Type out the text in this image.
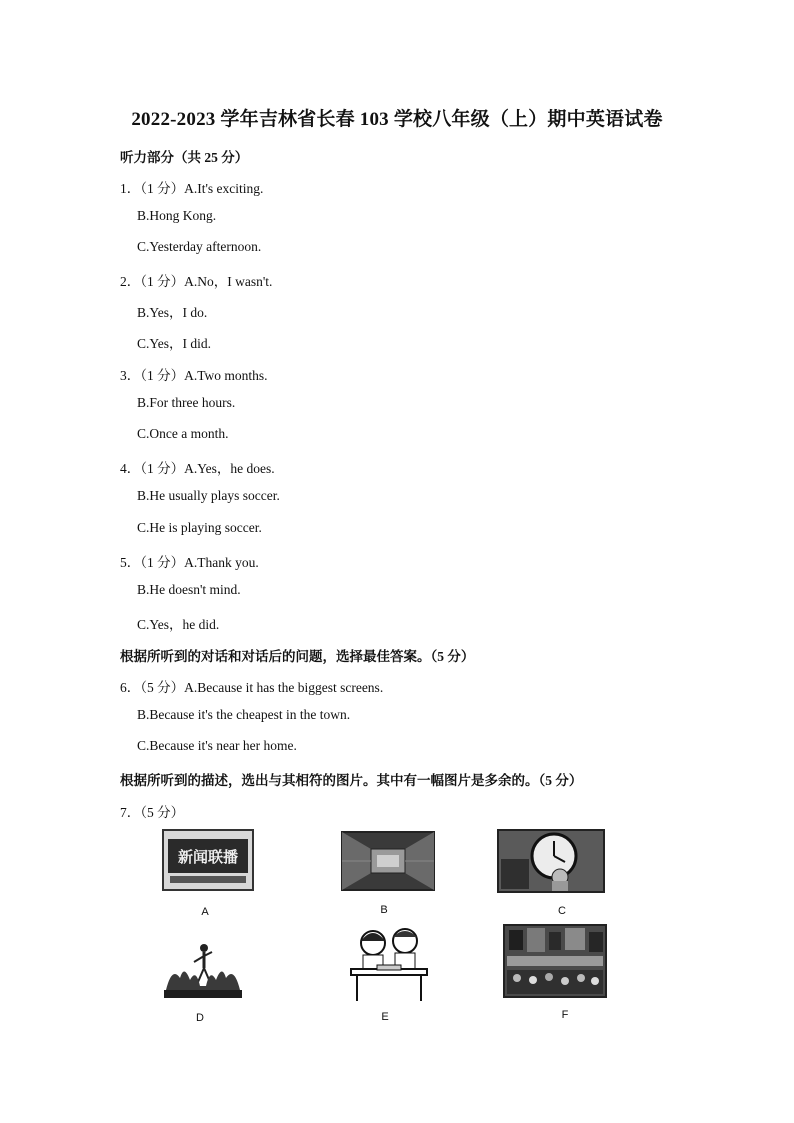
2022-2023 学年吉林省长春 103 学校八年级（上）期中英语试卷
听力部分（共 25 分）
1．（1 分）A.It's exciting.
B.Hong Kong.
C.Yesterday afternoon.
2．（1 分）A.No，I wasn't.
B.Yes，I do.
C.Yes，I did.
3．（1 分）A.Two months.
B.For three hours.
C.Once a month.
4．（1 分）A.Yes，he does.
B.He usually plays soccer.
C.He is playing soccer.
5．（1 分）A.Thank you.
B.He doesn't mind.
C.Yes，he did.
根据所听到的对话和对话后的问题，选择最佳答案。（5 分）
6．（5 分）A.Because it has the biggest screens.
B.Because it's the cheapest in the town.
C.Because it's near her home.
根据所听到的描述，选出与其相符的图片。其中有一幅图片是多余的。（5 分）
7．（5 分）
新闻联播
A	B	C
D	E	F
